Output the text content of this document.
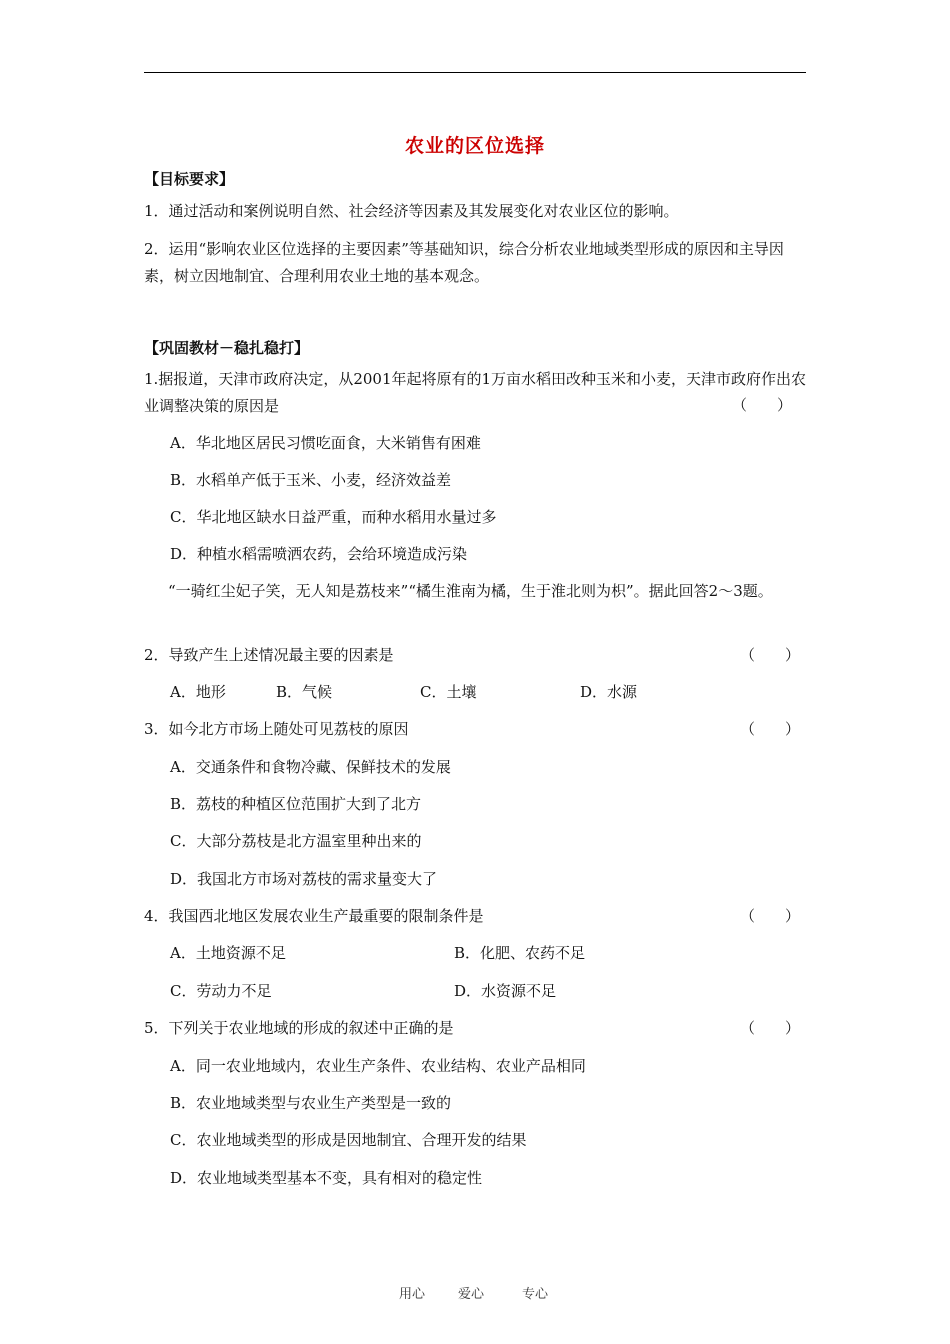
农业的区位选择
【目标要求】
1．通过活动和案例说明自然、社会经济等因素及其发展变化对农业区位的影响。
2．运用“影响农业区位选择的主要因素”等基础知识，综合分析农业地域类型形成的原因和主导因素，树立因地制宜、合理利用农业土地的基本观念。
【巩固教材－稳扎稳打】
1.据报道，天津市政府决定，从2001年起将原有的1万亩水稻田改种玉米和小麦，天津市政府作出农业调整决策的原因是	（　　）
A．华北地区居民习惯吃面食，大米销售有困难
B．水稻单产低于玉米、小麦，经济效益差
C．华北地区缺水日益严重，而种水稻用水量过多
D．种植水稻需喷洒农药，会给环境造成污染
“一骑红尘妃子笑，无人知是荔枝来”“橘生淮南为橘，生于淮北则为枳”。据此回答2～3题。
2．导致产生上述情况最主要的因素是	（　　）
A．地形	B．气候	C．土壤	D．水源
3．如今北方市场上随处可见荔枝的原因	（　　）
A．交通条件和食物冷藏、保鲜技术的发展
B．荔枝的种植区位范围扩大到了北方
C．大部分荔枝是北方温室里种出来的
D．我国北方市场对荔枝的需求量变大了
4．我国西北地区发展农业生产最重要的限制条件是	（　　）
A．土地资源不足	B．化肥、农药不足
C．劳动力不足	D．水资源不足
5．下列关于农业地域的形成的叙述中正确的是	（　　）
A．同一农业地域内，农业生产条件、农业结构、农业产品相同
B．农业地域类型与农业生产类型是一致的
C．农业地域类型的形成是因地制宜、合理开发的结果
D．农业地域类型基本不变，具有相对的稳定性
用心	爱心	专心
